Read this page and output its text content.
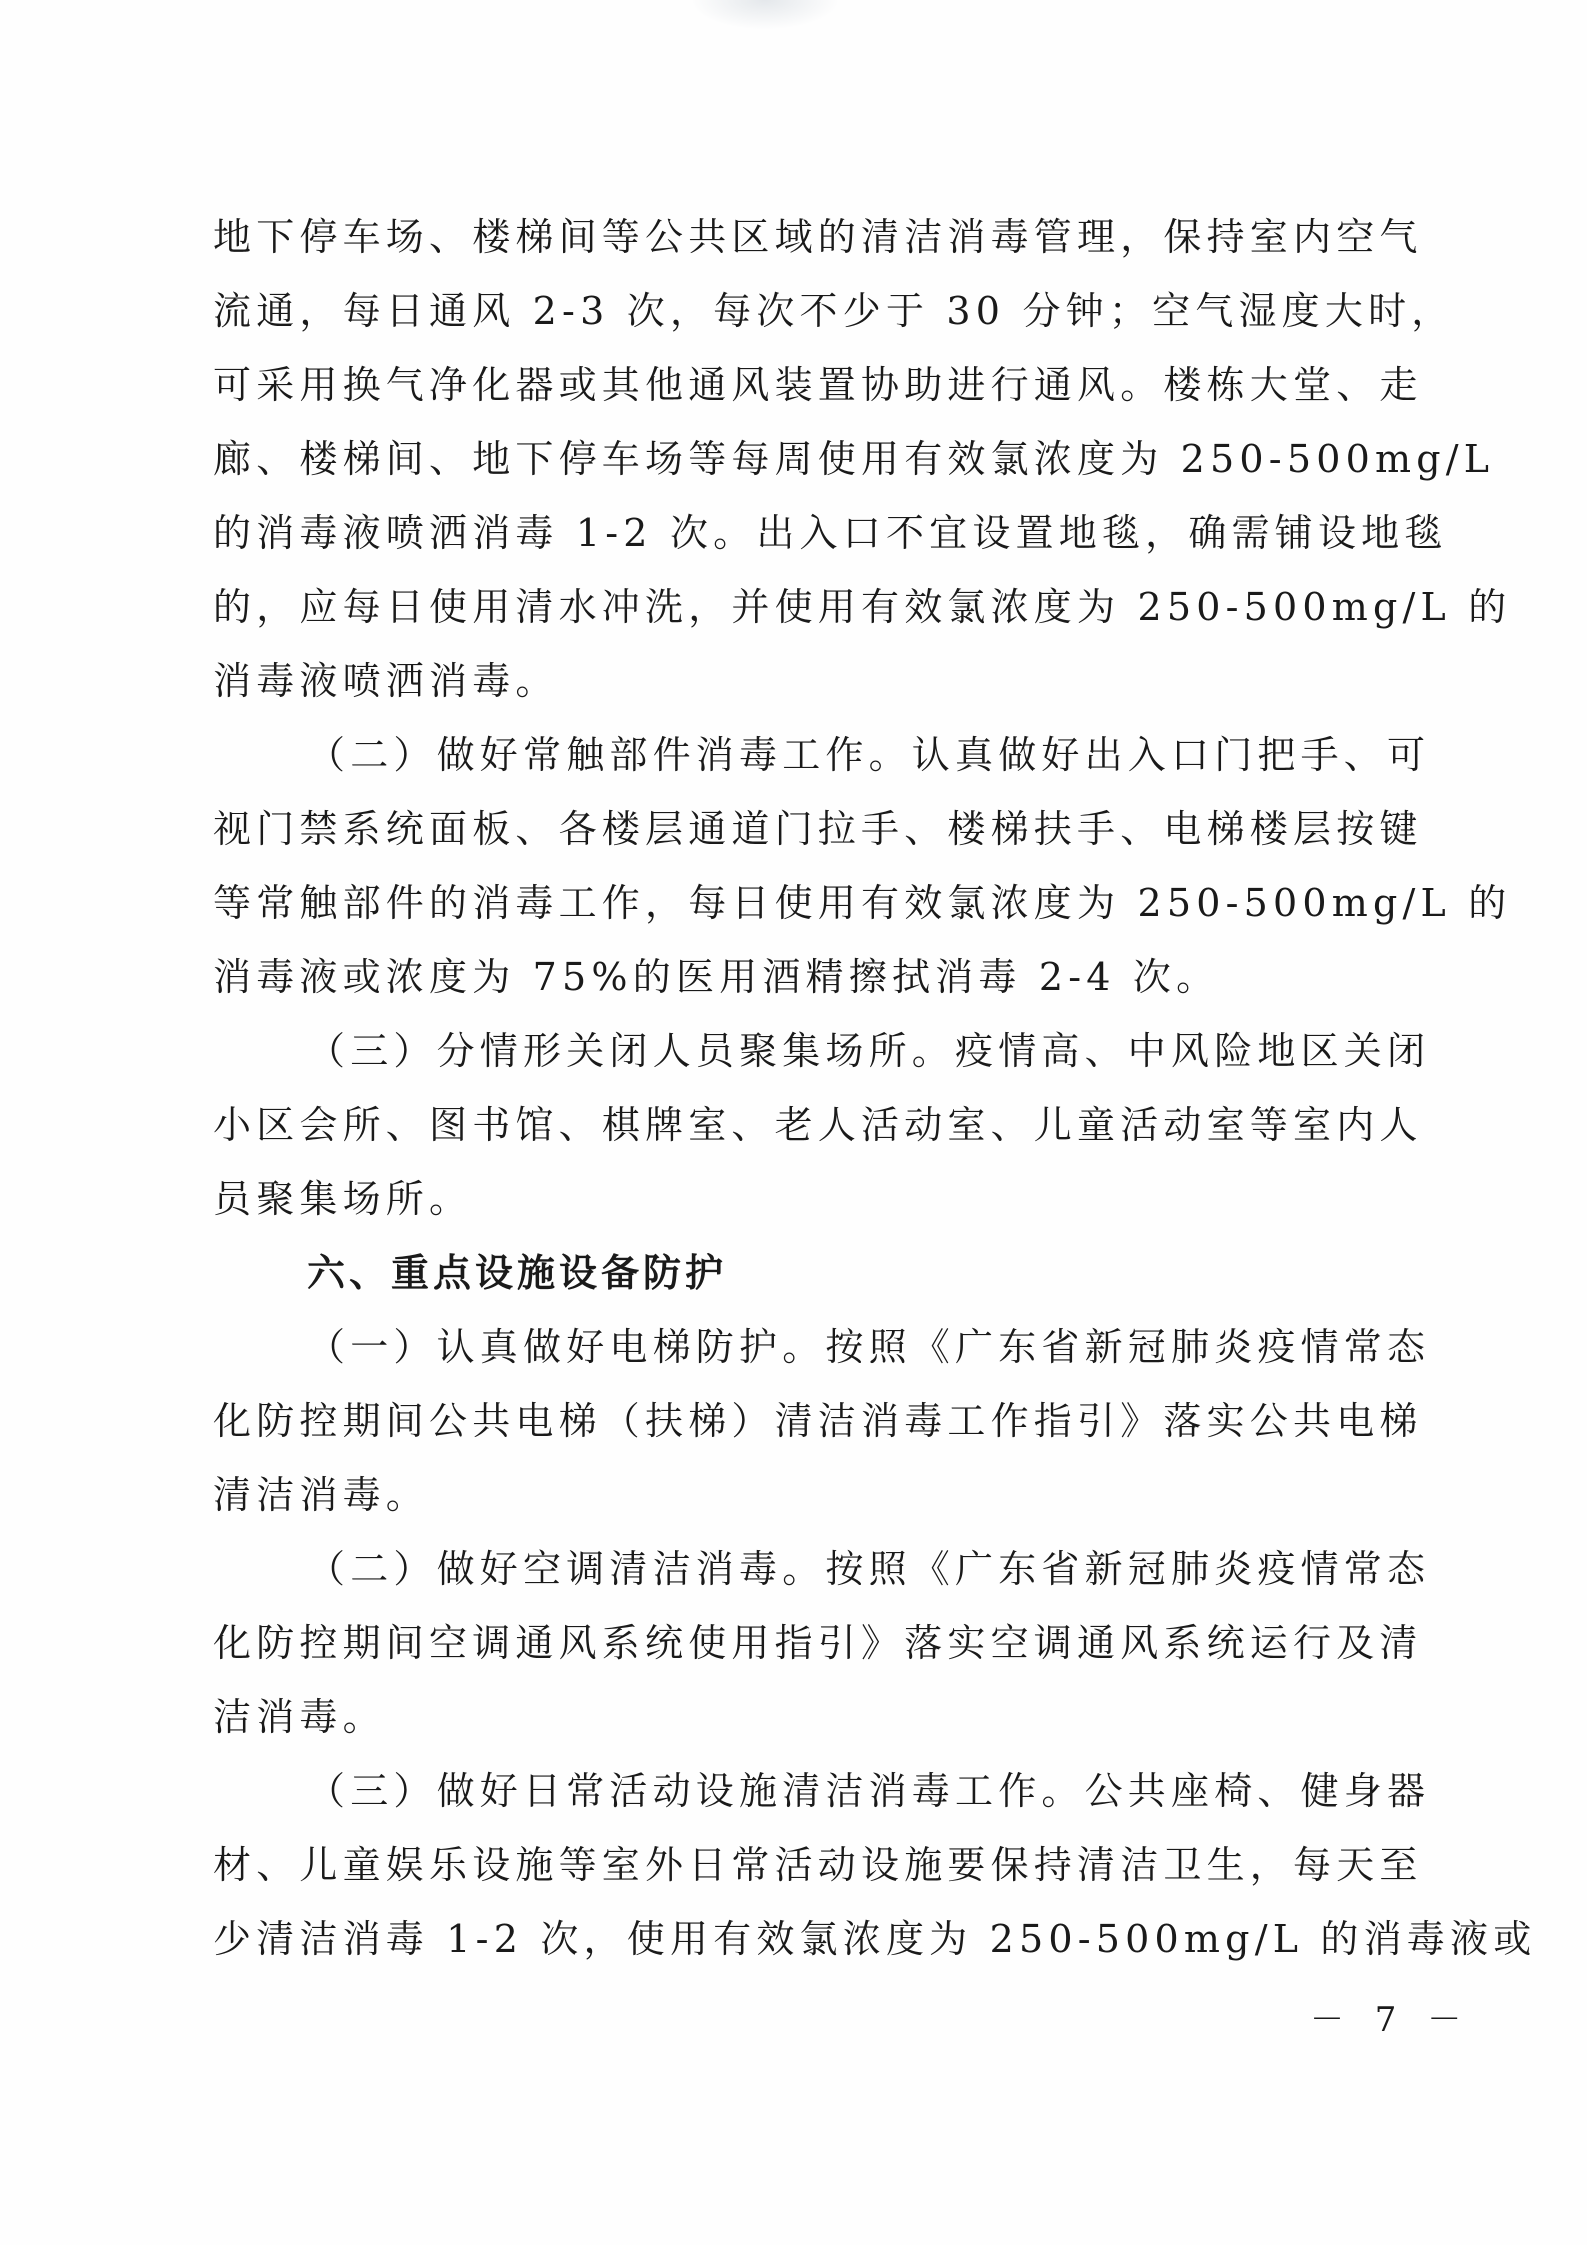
地下停车场、楼梯间等公共区域的清洁消毒管理，保持室内空气
流通，每日通风 2-3 次，每次不少于 30 分钟；空气湿度大时，
可采用换气净化器或其他通风装置协助进行通风。楼栋大堂、走
廊、楼梯间、地下停车场等每周使用有效氯浓度为 250-500mg/L
的消毒液喷洒消毒 1-2 次。出入口不宜设置地毯，确需铺设地毯
的，应每日使用清水冲洗，并使用有效氯浓度为 250-500mg/L 的
消毒液喷洒消毒。
（二）做好常触部件消毒工作。认真做好出入口门把手、可
视门禁系统面板、各楼层通道门拉手、楼梯扶手、电梯楼层按键
等常触部件的消毒工作，每日使用有效氯浓度为 250-500mg/L 的
消毒液或浓度为 75%的医用酒精擦拭消毒 2-4 次。
（三）分情形关闭人员聚集场所。疫情高、中风险地区关闭
小区会所、图书馆、棋牌室、老人活动室、儿童活动室等室内人
员聚集场所。
六、重点设施设备防护
（一）认真做好电梯防护。按照《广东省新冠肺炎疫情常态
化防控期间公共电梯（扶梯）清洁消毒工作指引》落实公共电梯
清洁消毒。
（二）做好空调清洁消毒。按照《广东省新冠肺炎疫情常态
化防控期间空调通风系统使用指引》落实空调通风系统运行及清
洁消毒。
（三）做好日常活动设施清洁消毒工作。公共座椅、健身器
材、儿童娱乐设施等室外日常活动设施要保持清洁卫生，每天至
少清洁消毒 1-2 次，使用有效氯浓度为 250-500mg/L 的消毒液或
－ 7 －
